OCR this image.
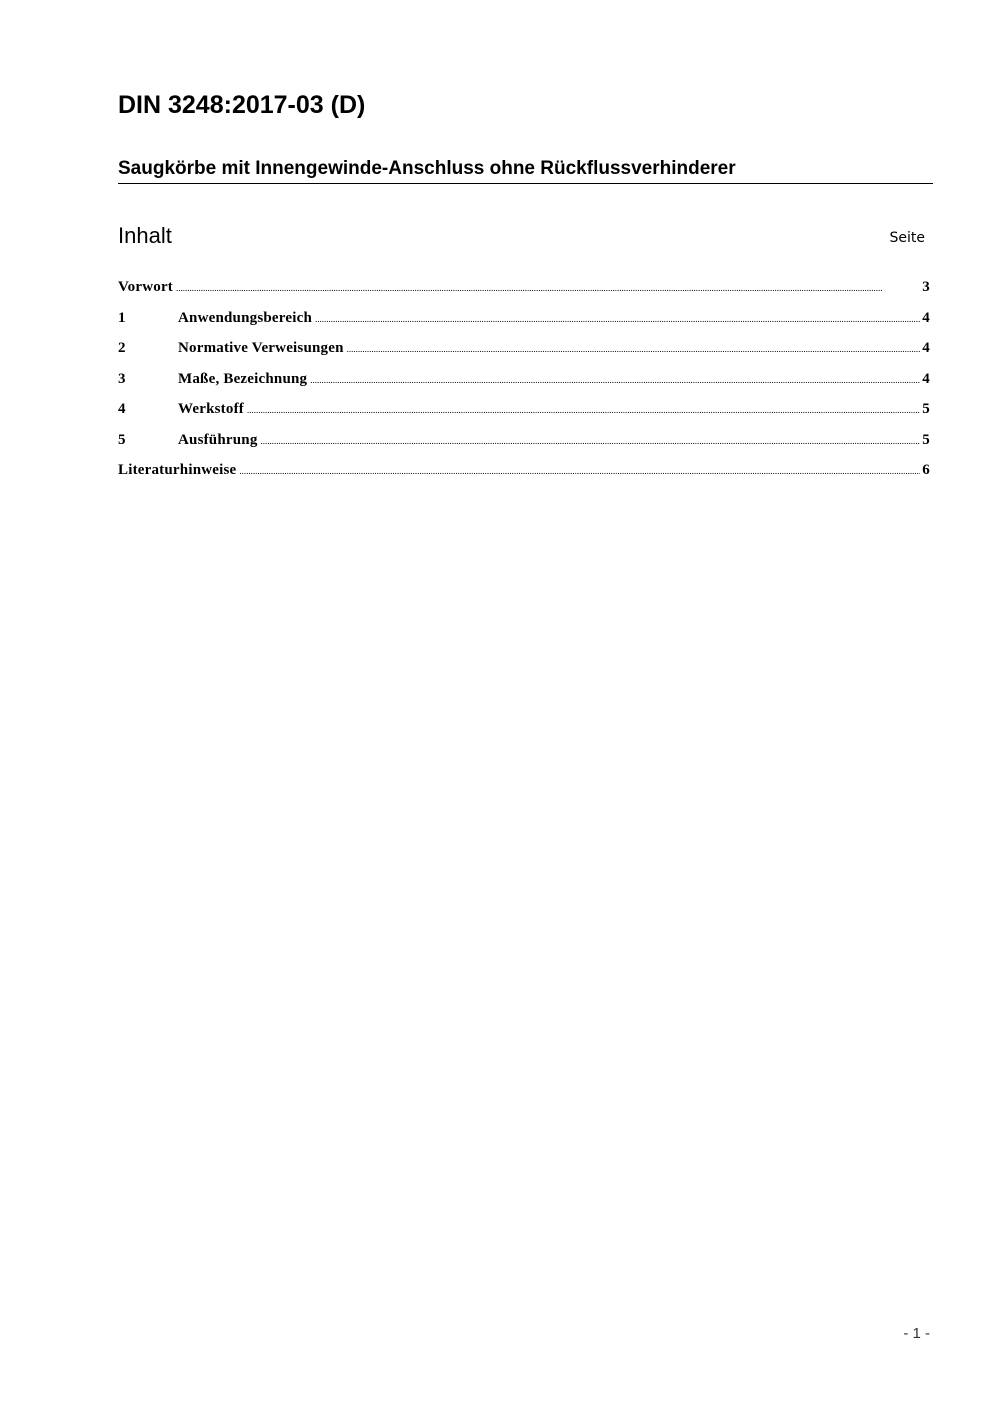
DIN 3248:2017-03 (D)
Saugkörbe mit Innengewinde-Anschluss ohne Rückflussverhinderer
Inhalt	Seite
Vorwort .....	3
1	Anwendungsbereich .....	4
2	Normative Verweisungen .....	4
3	Maße, Bezeichnung .....	4
4	Werkstoff .....	5
5	Ausführung .....	5
Literaturhinweise .....	6
- 1 -
